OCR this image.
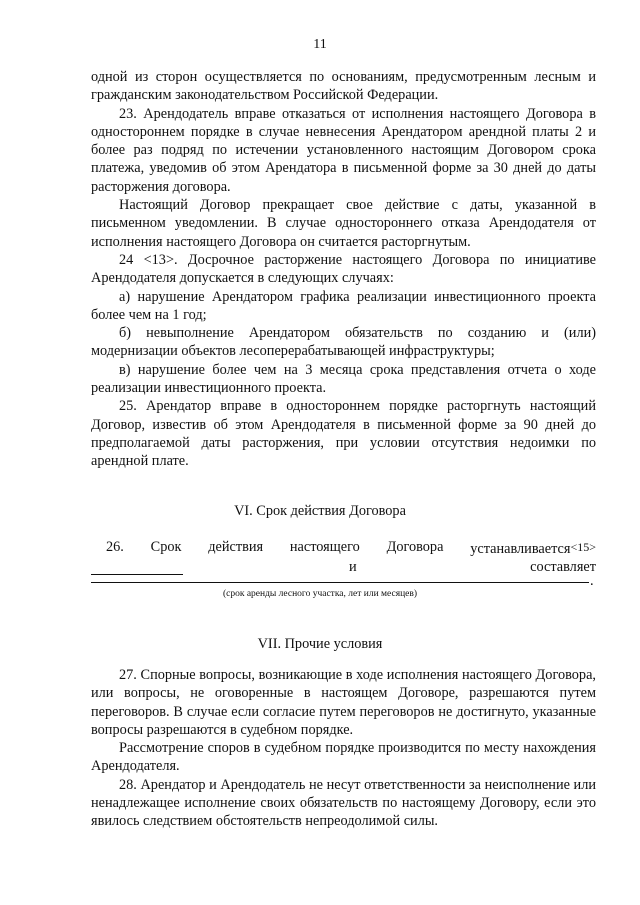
11

одной из сторон осуществляется по основаниям, предусмотренным лесным и гражданским законодательством Российской Федерации.

23. Арендодатель вправе отказаться от исполнения настоящего Договора в одностороннем порядке в случае невнесения Арендатором арендной платы 2 и более раз подряд по истечении установленного настоящим Договором срока платежа, уведомив об этом Арендатора в письменной форме за 30 дней до даты расторжения договора.

Настоящий Договор прекращает свое действие с даты, указанной в письменном уведомлении. В случае одностороннего отказа Арендодателя от исполнения настоящего Договора он считается расторгнутым.

24 <13>. Досрочное расторжение настоящего Договора по инициативе Арендодателя допускается в следующих случаях:

а) нарушение Арендатором графика реализации инвестиционного проекта более чем на 1 год;

б) невыполнение Арендатором обязательств по созданию и (или) модернизации объектов лесоперерабатывающей инфраструктуры;

в) нарушение более чем на 3 месяца срока представления отчета о ходе реализации инвестиционного проекта.

25. Арендатор вправе в одностороннем порядке расторгнуть настоящий Договор, известив об этом Арендодателя в письменной форме за 90 дней до предполагаемой даты расторжения, при условии отсутствия недоимки по арендной плате.

VI. Срок действия Договора
26. Срок действия настоящего Договора устанавливается<15>
и	составляет
.
(срок аренды лесного участка, лет или месяцев)
VII. Прочие условия

27. Спорные вопросы, возникающие в ходе исполнения настоящего Договора, или вопросы, не оговоренные в настоящем Договоре, разрешаются путем переговоров. В случае если согласие путем переговоров не достигнуто, указанные вопросы разрешаются в судебном порядке.

Рассмотрение споров в судебном порядке производится по месту нахождения Арендодателя.

28. Арендатор и Арендодатель не несут ответственности за неисполнение или ненадлежащее исполнение своих обязательств по настоящему Договору, если это явилось следствием обстоятельств непреодолимой силы.
